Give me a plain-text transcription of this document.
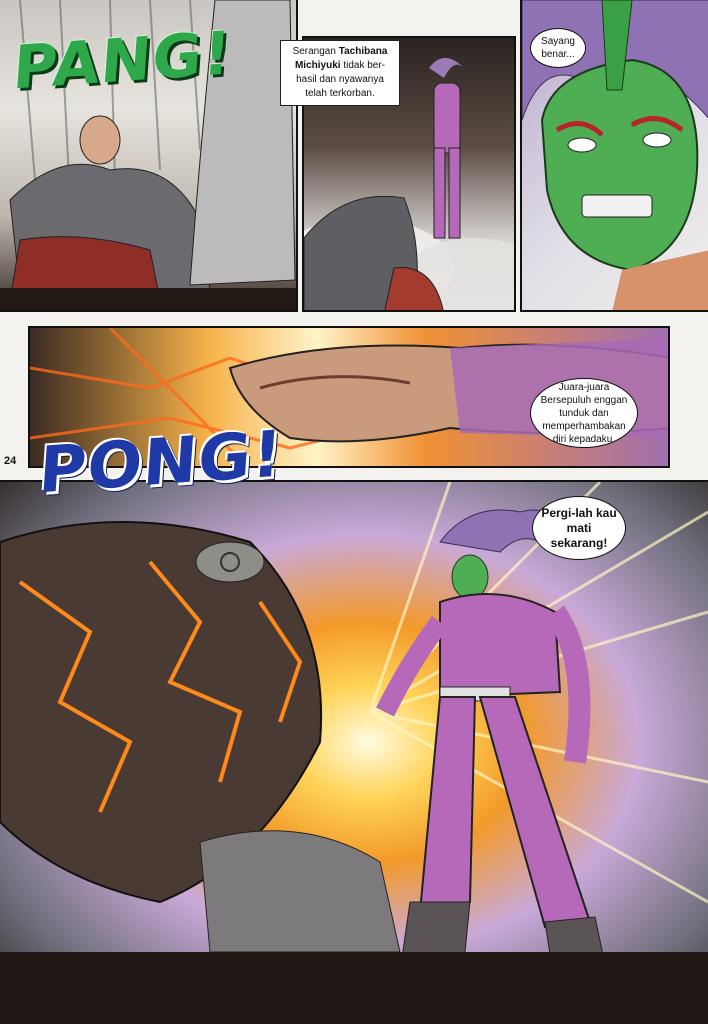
PANG!	Serangan Tachibana Michiyuki tidak ber-hasil dan nyawanya telah terkorban.
Sayang benar...
Juara-juara Bersepuluh enggan tunduk dan memperhambakan diri kepadaku.
24
Pergi-lah kau mati sekarang!
PONG!
